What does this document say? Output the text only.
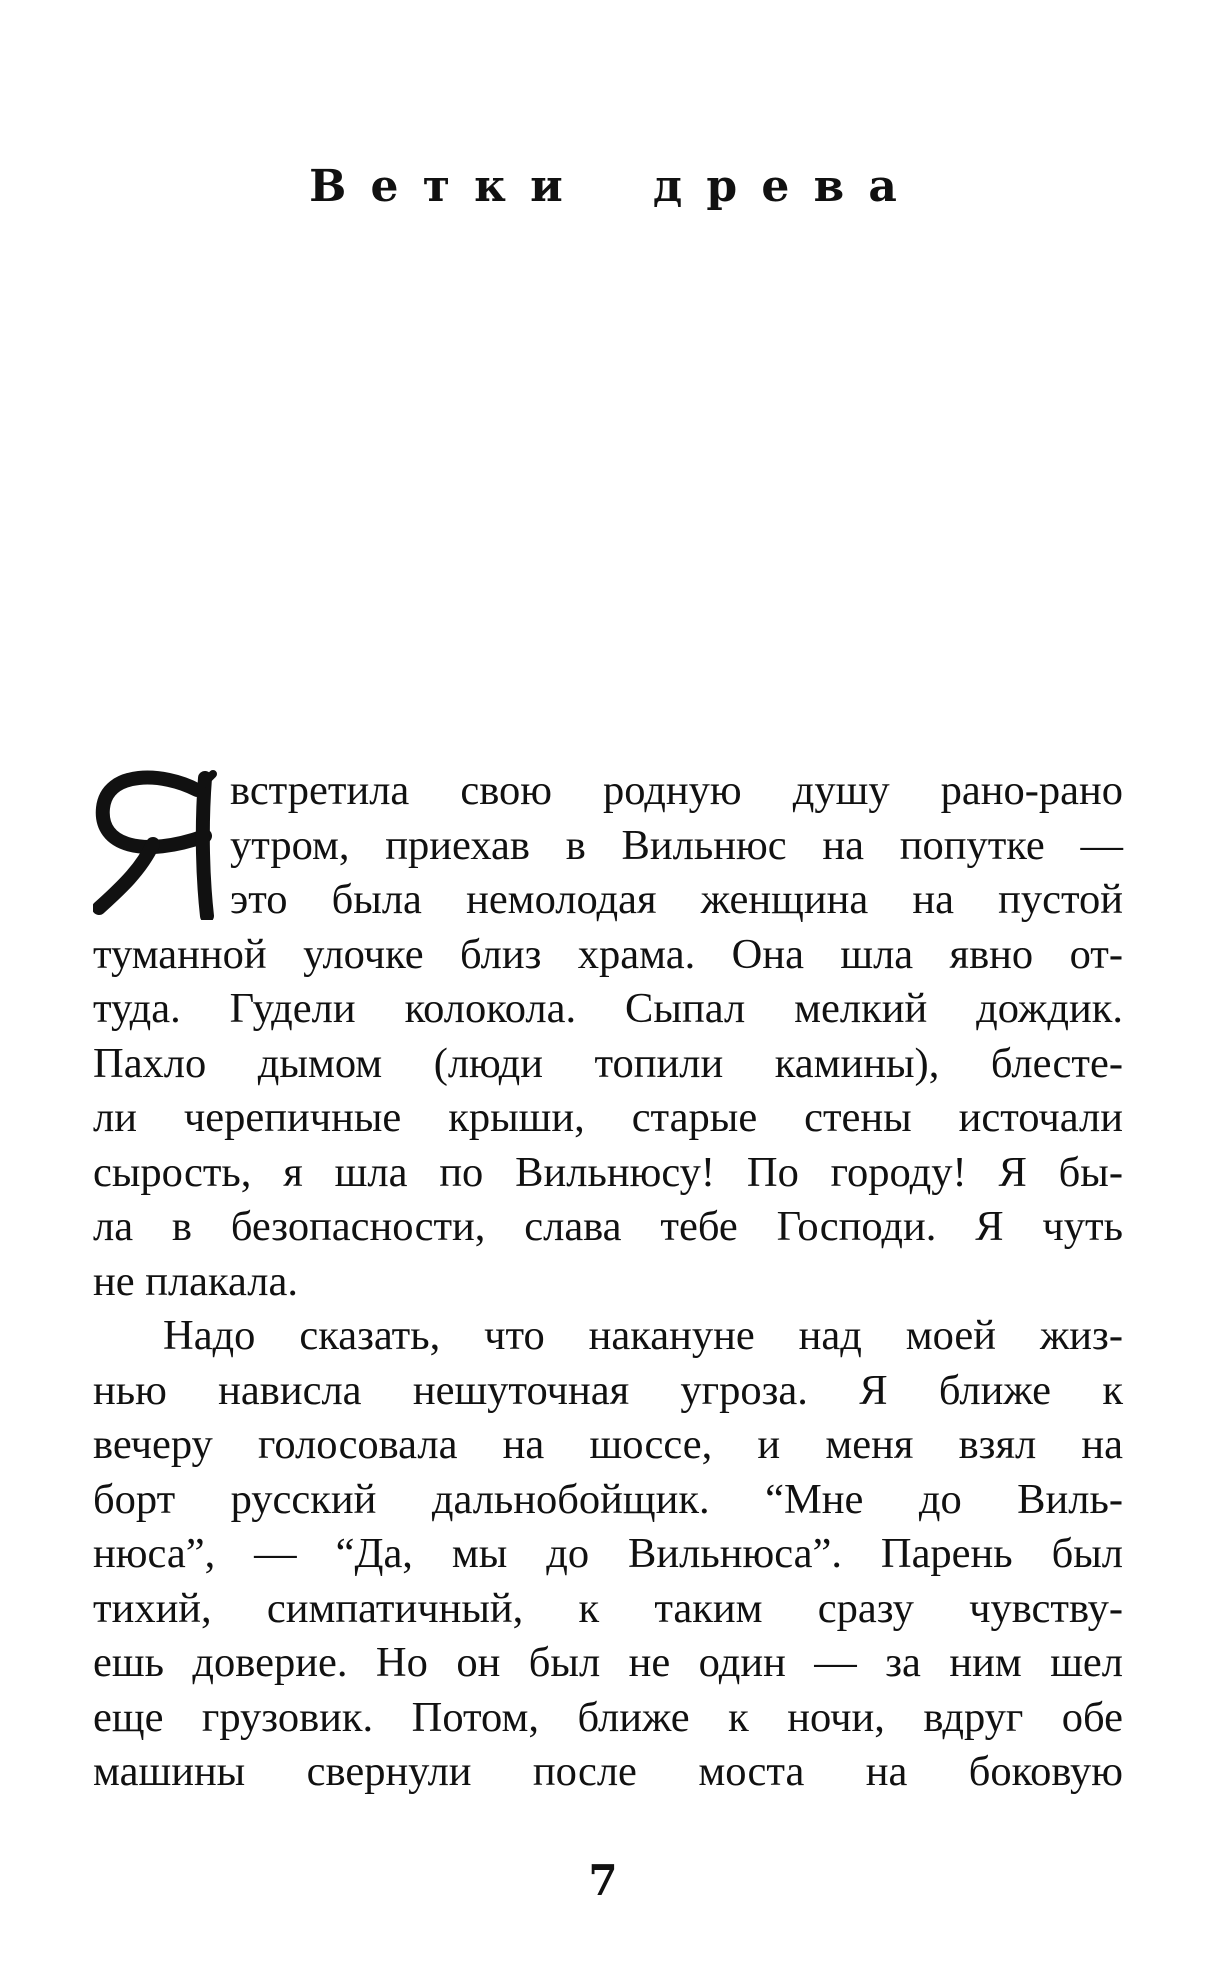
Ветки древа
встретила свою родную душу рано-рано
утром, приехав в Вильнюс на попутке —
это была немолодая женщина на пустой
туманной улочке близ храма. Она шла явно от-
туда. Гудели колокола. Сыпал мелкий дождик.
Пахло дымом (люди топили камины), блесте-
ли черепичные крыши, старые стены источали
сырость, я шла по Вильнюсу! По городу! Я бы-
ла в безопасности, слава тебе Господи. Я чуть
не плакала.
Надо сказать, что накануне над моей жиз-
нью нависла нешуточная угроза. Я ближе к
вечеру голосовала на шоссе, и меня взял на
борт русский дальнобойщик. “Мне до Виль-
нюса”, — “Да, мы до Вильнюса”. Парень был
тихий, симпатичный, к таким сразу чувству-
ешь доверие. Но он был не один — за ним шел
еще грузовик. Потом, ближе к ночи, вдруг обе
машины свернули после моста на боковую
7
